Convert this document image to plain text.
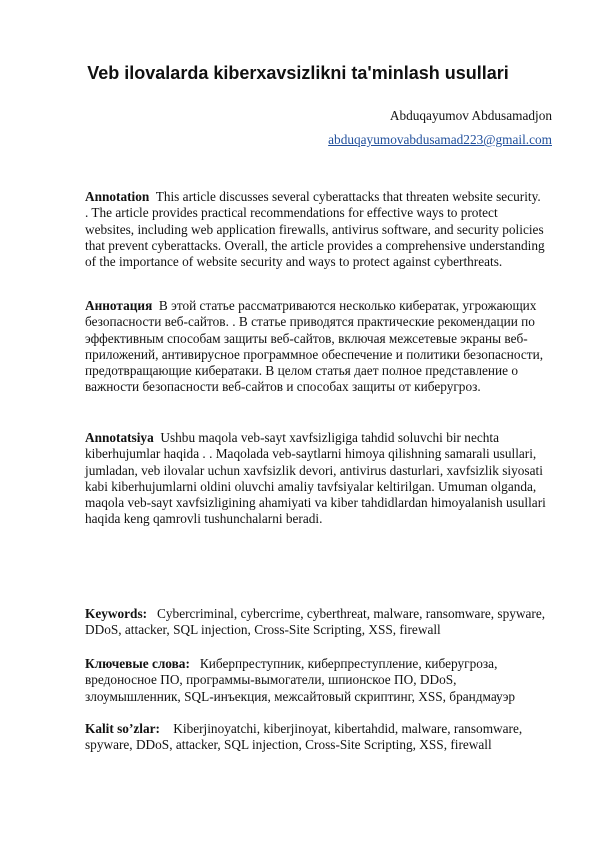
Veb ilovalarda kiberxavsizlikni ta'minlash usullari
Abduqayumov Abdusamadjon
abduqayumovabdusamad223@gmail.com

Annotation This article discusses several cyberattacks that threaten website security. . The article provides practical recommendations for effective ways to protect websites, including web application firewalls, antivirus software, and security policies that prevent cyberattacks. Overall, the article provides a comprehensive understanding of the importance of website security and ways to protect against cyberthreats.

Аннотация В этой статье рассматриваются несколько кибератак, угрожающих безопасности веб-сайтов. . В статье приводятся практические рекомендации по эффективным способам защиты веб-сайтов, включая межсетевые экраны веб-приложений, антивирусное программное обеспечение и политики безопасности, предотвращающие кибератаки. В целом статья дает полное представление о важности безопасности веб-сайтов и способах защиты от киберугроз.

Annotatsiya Ushbu maqola veb-sayt xavfsizligiga tahdid soluvchi bir nechta kiberhujumlar haqida . . Maqolada veb-saytlarni himoya qilishning samarali usullari, jumladan, veb ilovalar uchun xavfsizlik devori, antivirus dasturlari, xavfsizlik siyosati kabi kiberhujumlarni oldini oluvchi amaliy tavfsiyalar keltirilgan. Umuman olganda, maqola veb-sayt xavfsizligining ahamiyati va kiber tahdidlardan himoyalanish usullari haqida keng qamrovli tushunchalarni beradi.

Keywords: Cybercriminal, cybercrime, cyberthreat, malware, ransomware, spyware, DDoS, attacker, SQL injection, Cross-Site Scripting, XSS, firewall

Ключевые слова: Киберпреступник, киберпреступление, киберугроза, вредоносное ПО, программы-вымогатели, шпионское ПО, DDoS, злоумышленник, SQL-инъекция, межсайтовый скриптинг, XSS, брандмауэр

Kalit so’zlar: Kiberjinoyatchi, kiberjinoyat, kibertahdid, malware, ransomware, spyware, DDoS, attacker, SQL injection, Cross-Site Scripting, XSS, firewall
